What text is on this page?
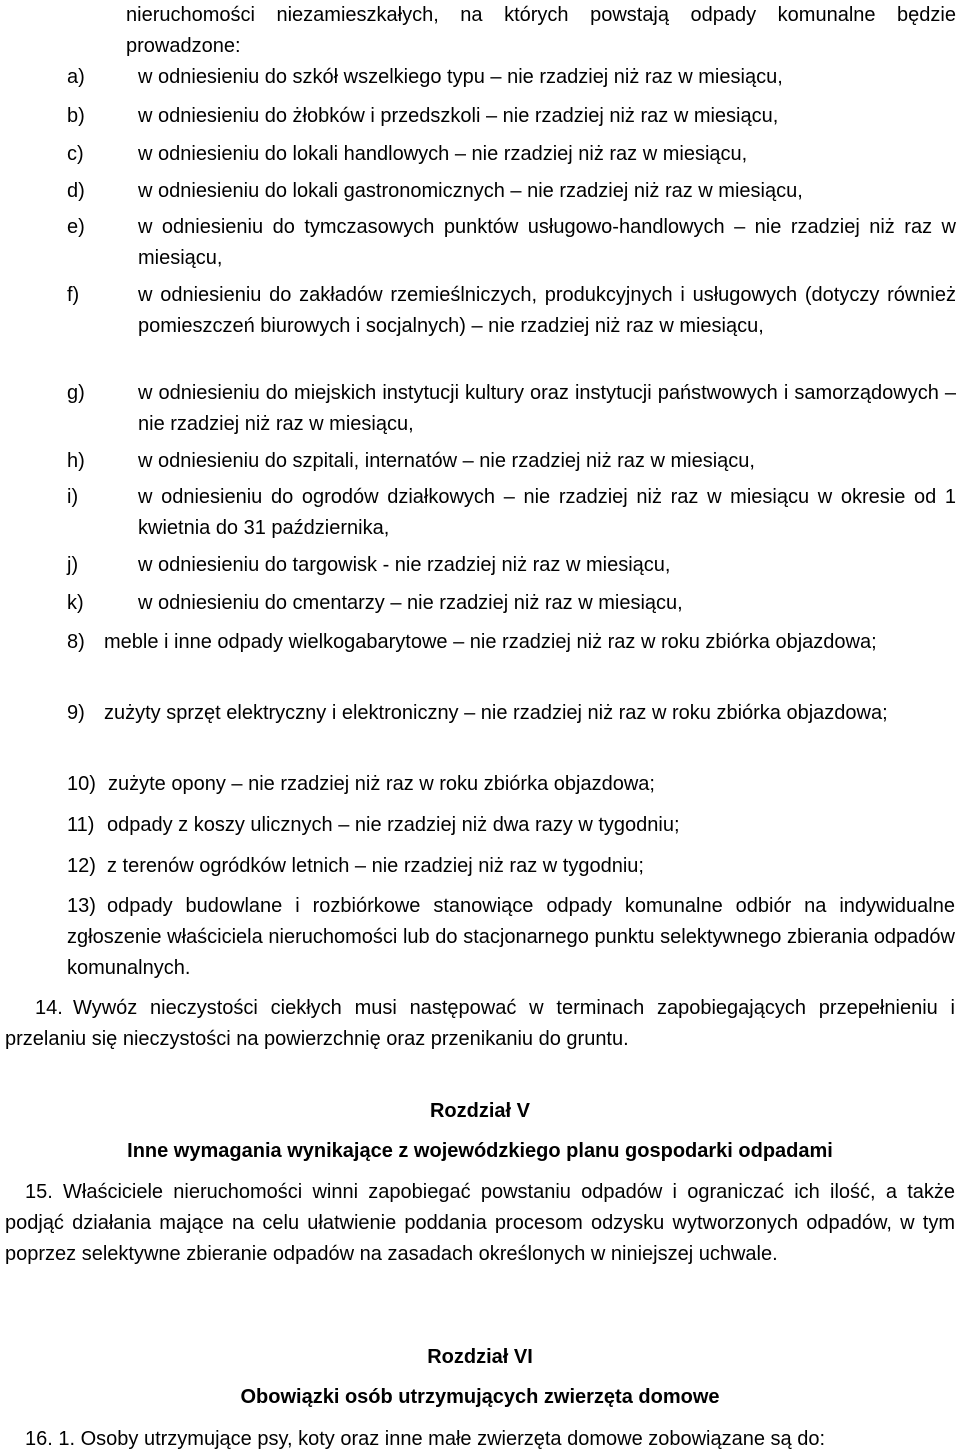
nieruchomości niezamieszkałych, na których powstają odpady komunalne będzie prowadzone:
a)	w odniesieniu do szkół wszelkiego typu – nie rzadziej niż raz w miesiącu,
b)	w odniesieniu do żłobków i przedszkoli – nie rzadziej niż raz w miesiącu,
c)	w odniesieniu do lokali handlowych – nie rzadziej niż raz w miesiącu,
d)	w odniesieniu do lokali gastronomicznych – nie rzadziej niż raz w miesiącu,
e)	w odniesieniu do tymczasowych punktów usługowo-handlowych – nie rzadziej niż raz w miesiącu,
f)	w odniesieniu do zakładów rzemieślniczych, produkcyjnych i usługowych (dotyczy również pomieszczeń biurowych i socjalnych) – nie rzadziej niż raz w miesiącu,
g)	w odniesieniu do miejskich instytucji kultury oraz instytucji państwowych i samorządowych – nie rzadziej niż raz w miesiącu,
h)	w odniesieniu do szpitali, internatów – nie rzadziej niż raz w miesiącu,
i)	w odniesieniu do ogrodów działkowych – nie rzadziej niż raz w miesiącu w okresie od 1 kwietnia do 31 października,
j)	w odniesieniu do targowisk - nie rzadziej niż raz w miesiącu,
k)	w odniesieniu do cmentarzy – nie rzadziej niż raz w miesiącu,
8) meble i inne odpady wielkogabarytowe – nie rzadziej niż raz w roku zbiórka objazdowa;
9) zużyty sprzęt elektryczny i elektroniczny – nie rzadziej niż raz w roku zbiórka objazdowa;
10) zużyte opony – nie rzadziej niż raz w roku zbiórka objazdowa;
11) odpady z koszy ulicznych – nie rzadziej niż dwa razy w tygodniu;
12) z terenów ogródków letnich – nie rzadziej niż raz w tygodniu;
13) odpady budowlane i rozbiórkowe stanowiące odpady komunalne odbiór na indywidualne zgłoszenie właściciela nieruchomości lub do stacjonarnego punktu selektywnego zbierania odpadów komunalnych.
14. Wywóz nieczystości ciekłych musi następować w terminach zapobiegających przepełnieniu i przelaniu się nieczystości na powierzchnię oraz przenikaniu do gruntu.
Rozdział V
Inne wymagania wynikające z wojewódzkiego planu gospodarki odpadami
15. Właściciele nieruchomości winni zapobiegać powstaniu odpadów i ograniczać ich ilość, a także podjąć działania mające na celu ułatwienie poddania procesom odzysku wytworzonych odpadów, w tym poprzez selektywne zbieranie odpadów na zasadach określonych w niniejszej uchwale.
Rozdział VI
Obowiązki osób utrzymujących zwierzęta domowe
16. 1. Osoby utrzymujące psy, koty oraz inne małe zwierzęta domowe zobowiązane są do:
